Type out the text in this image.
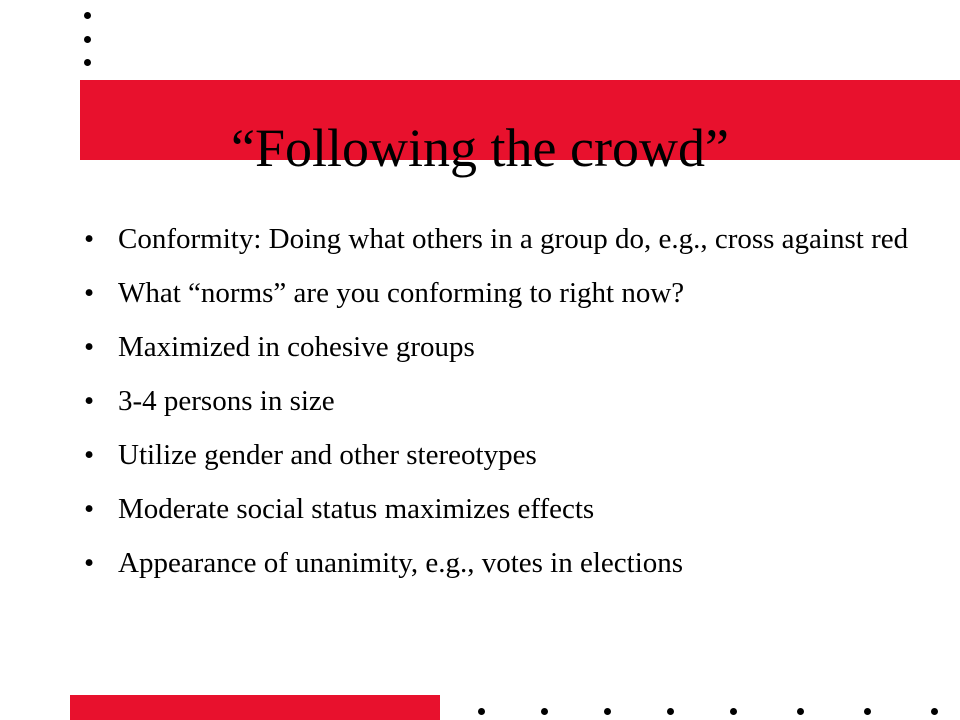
“Following the crowd”
• Conformity: Doing what others in a group do, e.g., cross against red
• What “norms” are you conforming to right now?
• Maximized in cohesive groups
• 3-4 persons in size
• Utilize gender and other stereotypes
• Moderate social status maximizes effects
• Appearance of unanimity, e.g., votes in elections
